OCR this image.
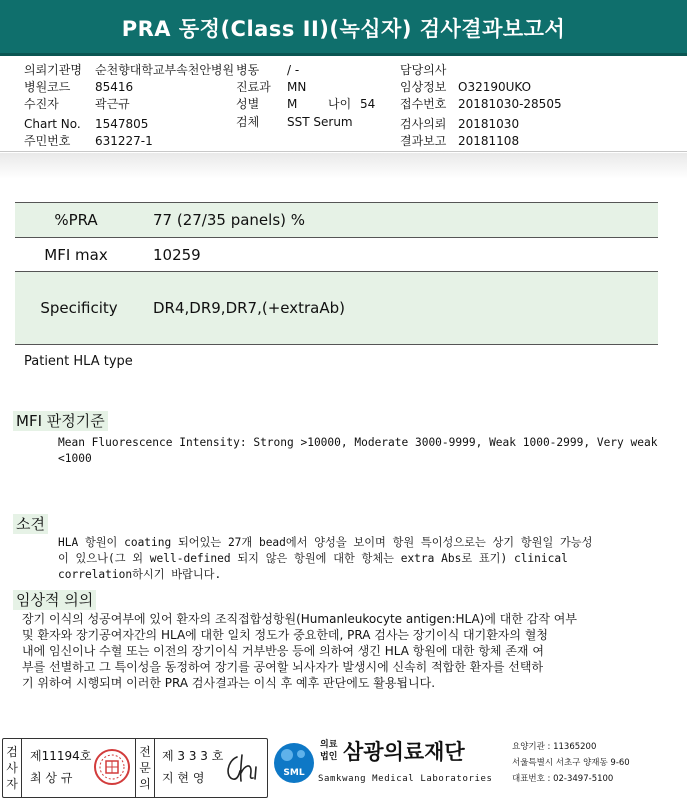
PRA 동정(Class II)(녹십자) 검사결과보고서
의뢰기관명 순천향대학교부속천안병원 병동 / -	담당의사
병원코드 85416	진료과 MN	임상정보 O32190UKO
수진자	곽근규	성별 M	나이 54 접수번호 20181030-28505
Chart No. 1547805	검체 SST Serum	검사의뢰 20181030
주민번호 631227-1	결과보고 20181108
%PRA	77 (27/35 panels) %
MFI max	10259
Specificity	DR4,DR9,DR7,(+extraAb)
Patient HLA type
MFI 판정기준
Mean Fluorescence Intensity: Strong >10000, Moderate 3000-9999, Weak 1000-2999, Very weak
<1000
소견
HLA 항원이 coating 되어있는 27개 bead에서 양성을 보이며 항원 특이성으로는 상기 항원일 가능성
이 있으나(그 외 well-defined 되지 않은 항원에 대한 항체는 extra Abs로 표기) clinical
correlation하시기 바랍니다.
임상적 의의
장기 이식의 성공여부에 있어 환자의 조직접합성항원(Humanleukocyte antigen:HLA)에 대한 감작 여부
및 환자와 장기공여자간의 HLA에 대한 일치 정도가 중요한데, PRA 검사는 장기이식 대기환자의 혈청
내에 임신이나 수혈 또는 이전의 장기이식 거부반응 등에 의하여 생긴 HLA 항원에 대한 항체 존재 여
부를 선별하고 그 특이성을 동정하여 장기를 공여할 뇌사자가 발생시에 신속히 적합한 환자를 선택하
기 위하여 시행되며 이러한 PRA 검사결과는 이식 후 예후 판단에도 활용됩니다.
검
사
자
제11194호
최 상 규
전
문
의
제 3 3 3 호
지 현 영	SML
의료
법인 삼광의료재단
Samkwang Medical Laboratories
요양기관 : 11365200
서울특별시 서초구 양재동 9-60
대표번호 : 02-3497-5100
